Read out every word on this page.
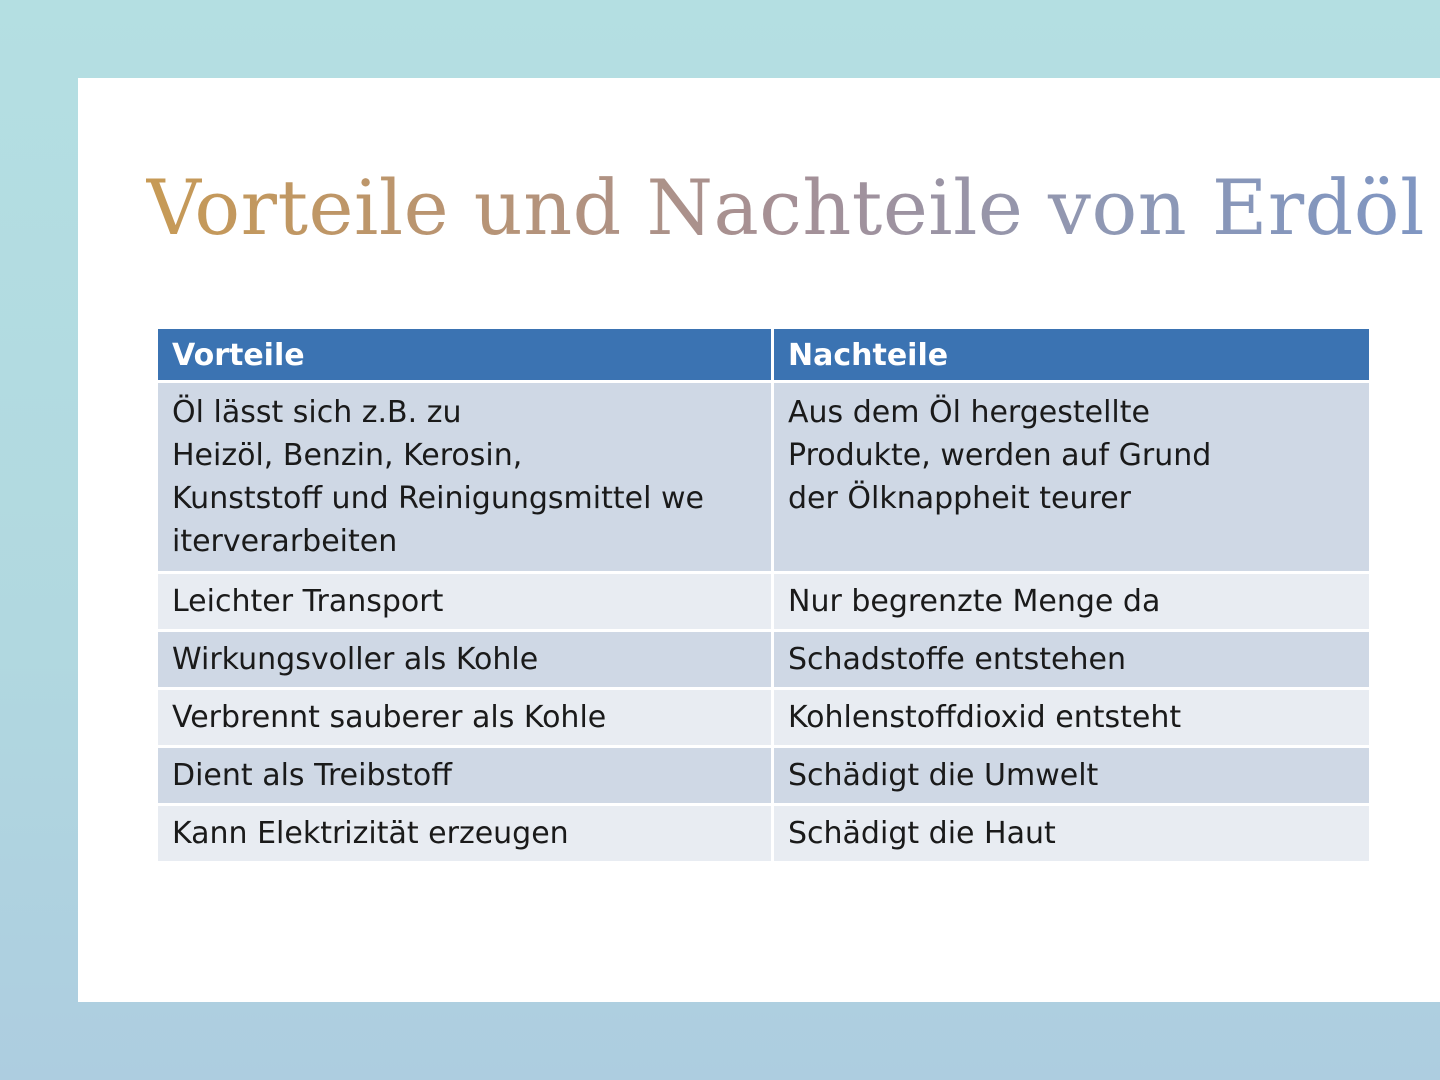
Vorteile und Nachteile von Erdöl
Vorteile	Nachteile

Öl lässt sich z.B. zu
Heizöl, Benzin, Kerosin,
Kunststoff und Reinigungsmittel we
iterverarbeiten	Aus dem Öl hergestellte
Produkte, werden auf Grund
der Ölknappheit teurer

Leichter Transport	Nur begrenzte Menge da
Wirkungsvoller als Kohle	Schadstoffe entstehen
Verbrennt sauberer als Kohle	Kohlenstoffdioxid entsteht
Dient als Treibstoff	Schädigt die Umwelt
Kann Elektrizität erzeugen	Schädigt die Haut
